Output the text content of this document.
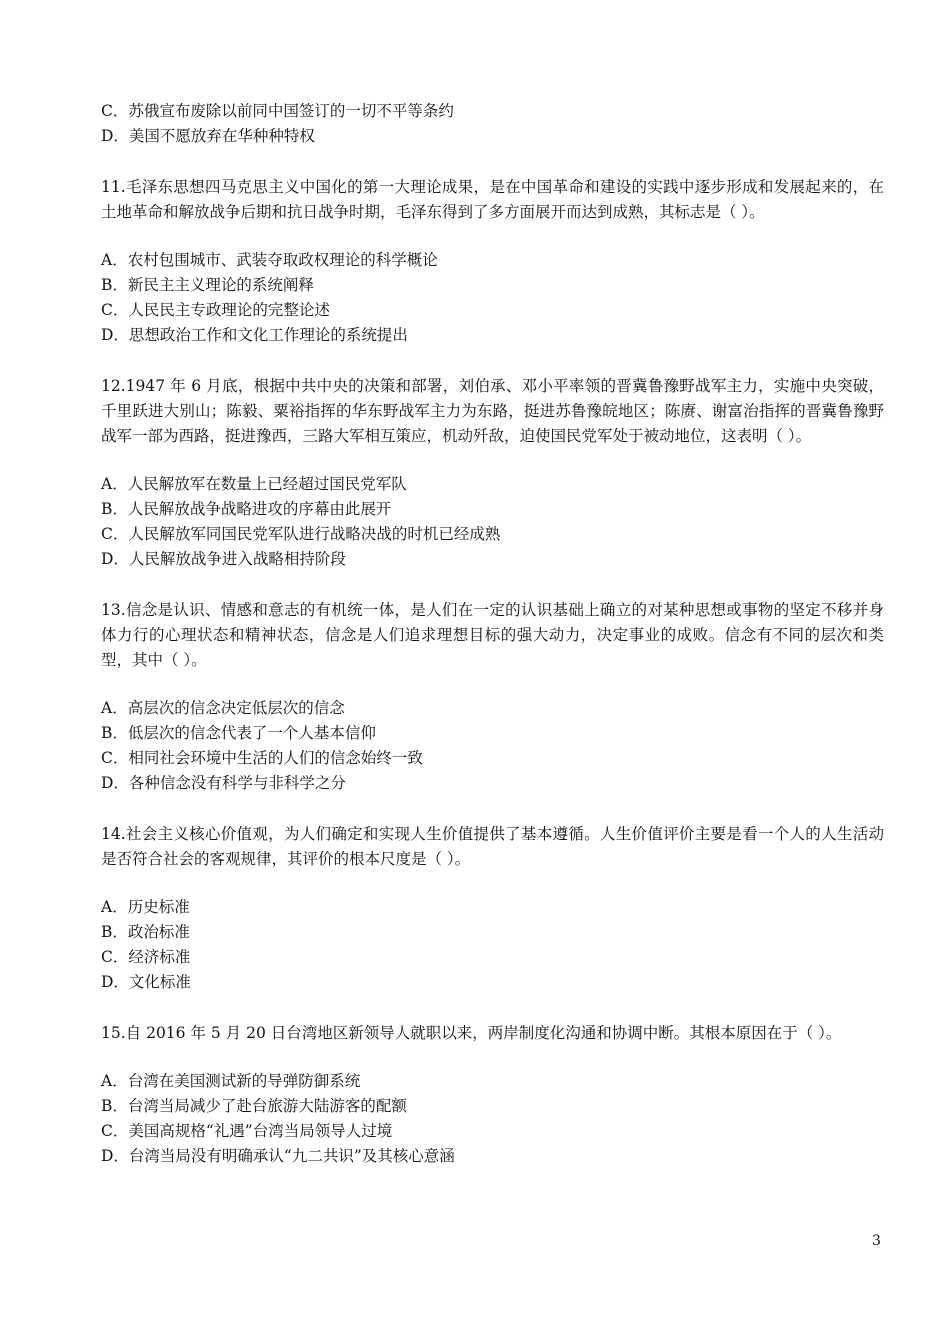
C．苏俄宣布废除以前同中国签订的一切不平等条约
D．美国不愿放弃在华种种特权
11.毛泽东思想四马克思主义中国化的第一大理论成果，是在中国革命和建设的实践中逐步形成和发展起来的，在土地革命和解放战争后期和抗日战争时期，毛泽东得到了多方面展开而达到成熟，其标志是（ ）。
A．农村包围城市、武装夺取政权理论的科学概论
B．新民主主义理论的系统阐释
C．人民民主专政理论的完整论述
D．思想政治工作和文化工作理论的系统提出
12.1947 年 6 月底，根据中共中央的决策和部署，刘伯承、邓小平率领的晋冀鲁豫野战军主力，实施中央突破，千里跃进大别山；陈毅、粟裕指挥的华东野战军主力为东路，挺进苏鲁豫皖地区；陈赓、谢富治指挥的晋冀鲁豫野战军一部为西路，挺进豫西，三路大军相互策应，机动歼敌，迫使国民党军处于被动地位，这表明（ ）。
A．人民解放军在数量上已经超过国民党军队
B．人民解放战争战略进攻的序幕由此展开
C．人民解放军同国民党军队进行战略决战的时机已经成熟
D．人民解放战争进入战略相持阶段
13.信念是认识、情感和意志的有机统一体，是人们在一定的认识基础上确立的对某种思想或事物的坚定不移并身体力行的心理状态和精神状态，信念是人们追求理想目标的强大动力，决定事业的成败。信念有不同的层次和类型，其中（ ）。
A．高层次的信念决定低层次的信念
B．低层次的信念代表了一个人基本信仰
C．相同社会环境中生活的人们的信念始终一致
D．各种信念没有科学与非科学之分
14.社会主义核心价值观，为人们确定和实现人生价值提供了基本遵循。人生价值评价主要是看一个人的人生活动是否符合社会的客观规律，其评价的根本尺度是（ ）。
A．历史标准
B．政治标准
C．经济标准
D．文化标准
15.自 2016 年 5 月 20 日台湾地区新领导人就职以来，两岸制度化沟通和协调中断。其根本原因在于（ ）。
A．台湾在美国测试新的导弹防御系统
B．台湾当局减少了赴台旅游大陆游客的配额
C．美国高规格“礼遇”台湾当局领导人过境
D．台湾当局没有明确承认“九二共识”及其核心意涵
3
